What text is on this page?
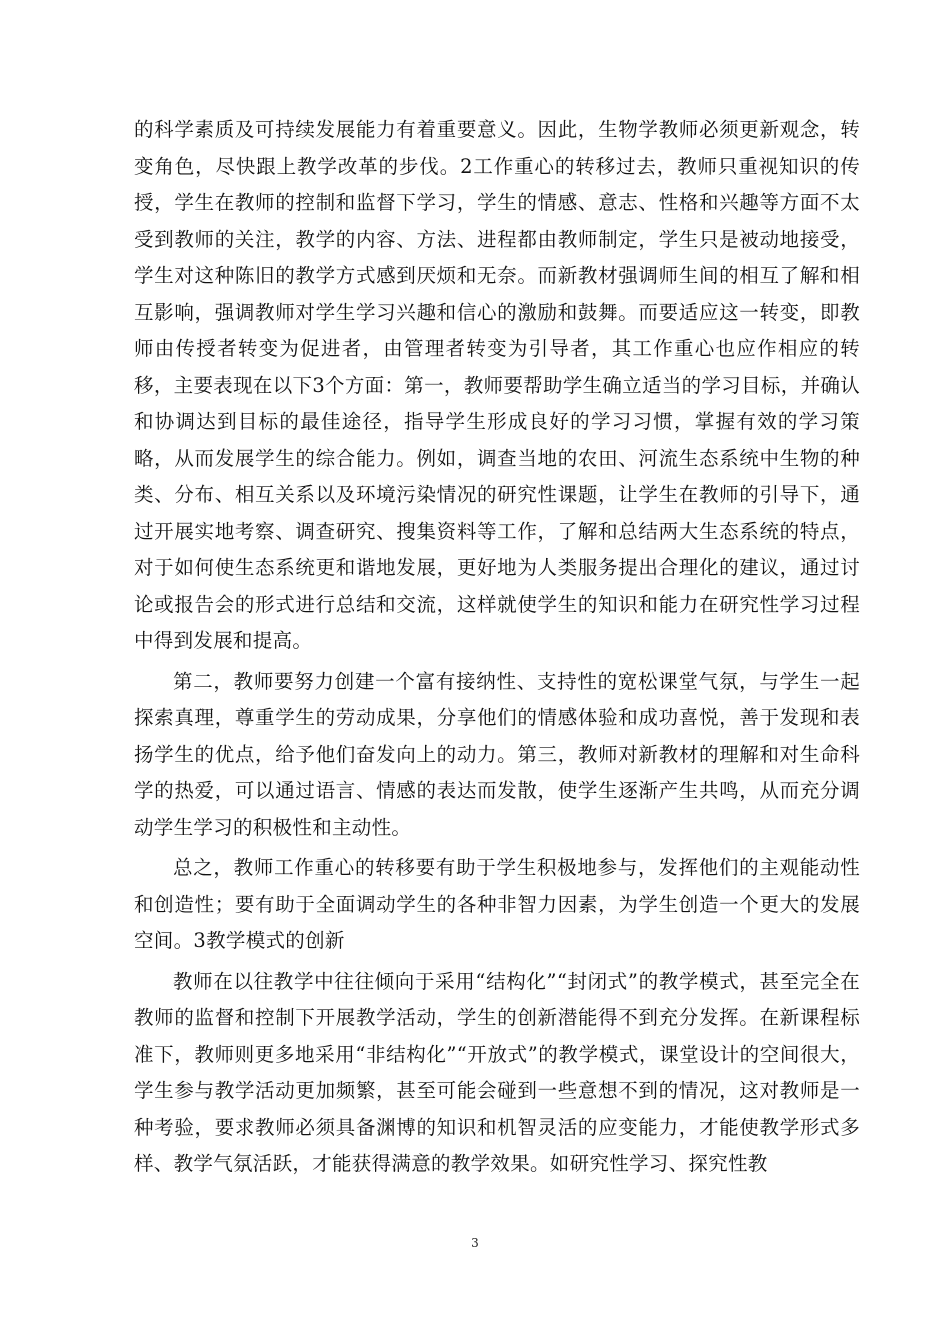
的科学素质及可持续发展能力有着重要意义。因此，生物学教师必须更新观念，转变角色，尽快跟上教学改革的步伐。2工作重心的转移过去，教师只重视知识的传授，学生在教师的控制和监督下学习，学生的情感、意志、性格和兴趣等方面不太受到教师的关注，教学的内容、方法、进程都由教师制定，学生只是被动地接受，学生对这种陈旧的教学方式感到厌烦和无奈。而新教材强调师生间的相互了解和相互影响，强调教师对学生学习兴趣和信心的激励和鼓舞。而要适应这一转变，即教师由传授者转变为促进者，由管理者转变为引导者，其工作重心也应作相应的转移，主要表现在以下3个方面：第一，教师要帮助学生确立适当的学习目标，并确认和协调达到目标的最佳途径，指导学生形成良好的学习习惯，掌握有效的学习策略，从而发展学生的综合能力。例如，调查当地的农田、河流生态系统中生物的种类、分布、相互关系以及环境污染情况的研究性课题，让学生在教师的引导下，通过开展实地考察、调查研究、搜集资料等工作，了解和总结两大生态系统的特点，对于如何使生态系统更和谐地发展，更好地为人类服务提出合理化的建议，通过讨论或报告会的形式进行总结和交流，这样就使学生的知识和能力在研究性学习过程中得到发展和提高。

第二，教师要努力创建一个富有接纳性、支持性的宽松课堂气氛，与学生一起探索真理，尊重学生的劳动成果，分享他们的情感体验和成功喜悦，善于发现和表扬学生的优点，给予他们奋发向上的动力。第三，教师对新教材的理解和对生命科学的热爱，可以通过语言、情感的表达而发散，使学生逐渐产生共鸣，从而充分调动学生学习的积极性和主动性。

总之，教师工作重心的转移要有助于学生积极地参与，发挥他们的主观能动性和创造性；要有助于全面调动学生的各种非智力因素，为学生创造一个更大的发展空间。3教学模式的创新

教师在以往教学中往往倾向于采用“结构化”“封闭式”的教学模式，甚至完全在教师的监督和控制下开展教学活动，学生的创新潜能得不到充分发挥。在新课程标准下，教师则更多地采用“非结构化”“开放式”的教学模式，课堂设计的空间很大，学生参与教学活动更加频繁，甚至可能会碰到一些意想不到的情况，这对教师是一种考验，要求教师必须具备渊博的知识和机智灵活的应变能力，才能使教学形式多样、教学气氛活跃，才能获得满意的教学效果。如研究性学习、探究性教

3
